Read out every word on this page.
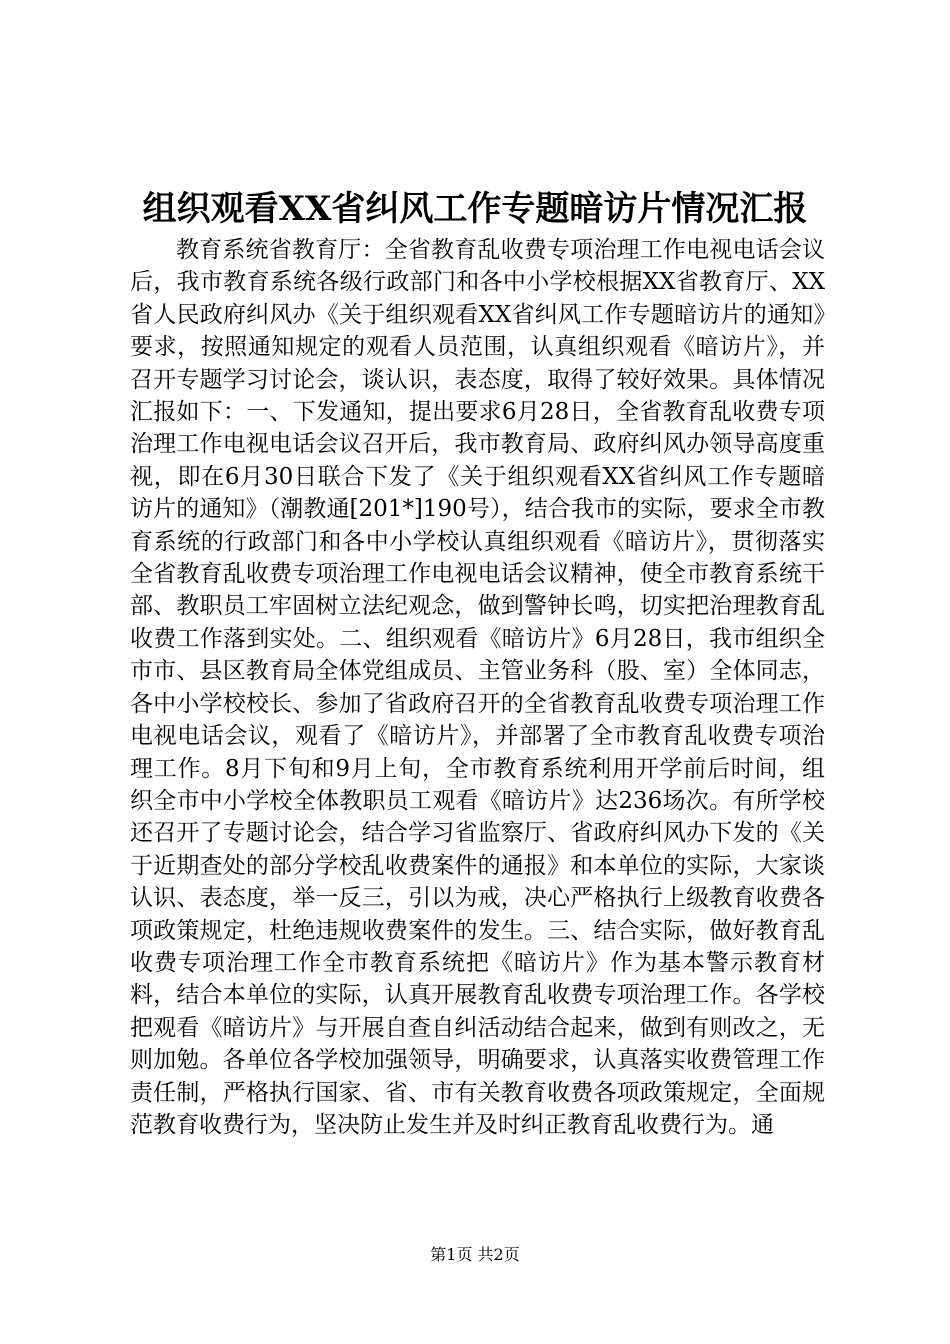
组织观看XX省纠风工作专题暗访片情况汇报

教育系统省教育厅：全省教育乱收费专项治理工作电视电话会议后，我市教育系统各级行政部门和各中小学校根据XX省教育厅、XX省人民政府纠风办《关于组织观看XX省纠风工作专题暗访片的通知》要求，按照通知规定的观看人员范围，认真组织观看《暗访片》，并召开专题学习讨论会，谈认识，表态度，取得了较好效果。具体情况汇报如下：一、下发通知，提出要求6月28日，全省教育乱收费专项治理工作电视电话会议召开后，我市教育局、政府纠风办领导高度重视，即在6月30日联合下发了《关于组织观看XX省纠风工作专题暗访片的通知》（潮教通[201*]190号），结合我市的实际，要求全市教育系统的行政部门和各中小学校认真组织观看《暗访片》，贯彻落实全省教育乱收费专项治理工作电视电话会议精神，使全市教育系统干部、教职员工牢固树立法纪观念，做到警钟长鸣，切实把治理教育乱收费工作落到实处。二、组织观看《暗访片》6月28日，我市组织全市市、县区教育局全体党组成员、主管业务科（股、室）全体同志，各中小学校校长、参加了省政府召开的全省教育乱收费专项治理工作电视电话会议，观看了《暗访片》，并部署了全市教育乱收费专项治理工作。8月下旬和9月上旬，全市教育系统利用开学前后时间，组织全市中小学校全体教职员工观看《暗访片》达236场次。有所学校还召开了专题讨论会，结合学习省监察厅、省政府纠风办下发的《关于近期查处的部分学校乱收费案件的通报》和本单位的实际，大家谈认识、表态度，举一反三，引以为戒，决心严格执行上级教育收费各项政策规定，杜绝违规收费案件的发生。三、结合实际，做好教育乱收费专项治理工作全市教育系统把《暗访片》作为基本警示教育材料，结合本单位的实际，认真开展教育乱收费专项治理工作。各学校把观看《暗访片》与开展自查自纠活动结合起来，做到有则改之，无则加勉。各单位各学校加强领导，明确要求，认真落实收费管理工作责任制，严格执行国家、省、市有关教育收费各项政策规定，全面规范教育收费行为，坚决防止发生并及时纠正教育乱收费行为。通

第1页 共2页
